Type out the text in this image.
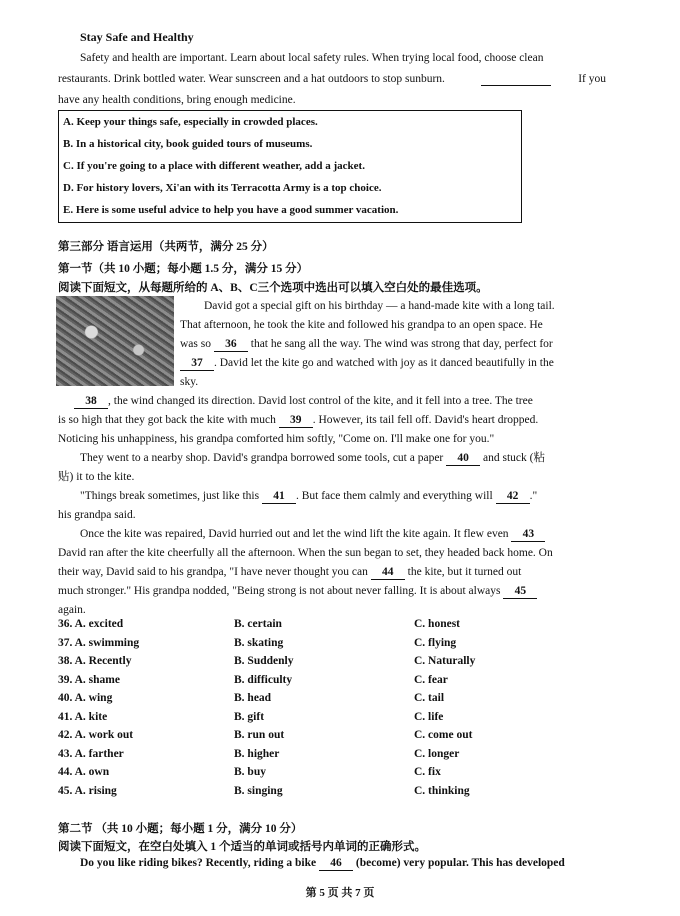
Stay Safe and Healthy
Safety and health are important. Learn about local safety rules. When trying local food, choose clean
restaurants. Drink bottled water. Wear sunscreen and a hat outdoors to stop sunburn.	If you
have any health conditions, bring enough medicine.
A. Keep your things safe, especially in crowded places.
B. In a historical city, book guided tours of museums.
C. If you're going to a place with different weather, add a jacket.
D. For history lovers, Xi'an with its Terracotta Army is a top choice.
E. Here is some useful advice to help you have a good summer vacation.
第三部分 语言运用（共两节，满分 25 分）
第一节（共 10 小题；每小题 1.5 分，满分 15 分）
阅读下面短文，从每题所给的 A、B、C三个选项中选出可以填入空白处的最佳选项。
David got a special gift on his birthday — a hand-made kite with a long tail.
That afternoon, he took the kite and followed his grandpa to an open space. He
was so 36 that he sang all the way. The wind was strong that day, perfect for
37 . David let the kite go and watched with joy as it danced beautifully in the
sky.
38 , the wind changed its direction. David lost control of the kite, and it fell into a tree. The tree
is so high that they got back the kite with much 39 . However, its tail fell off. David's heart dropped.
Noticing his unhappiness, his grandpa comforted him softly, "Come on. I'll make one for you."
They went to a nearby shop. David's grandpa borrowed some tools, cut a paper 40 and stuck (粘
贴) it to the kite.
"Things break sometimes, just like this 41 . But face them calmly and everything will 42 ."
his grandpa said.
Once the kite was repaired, David hurried out and let the wind lift the kite again. It flew even 43
David ran after the kite cheerfully all the afternoon. When the sun began to set, they headed back home. On
their way, David said to his grandpa, "I have never thought you can 44 the kite, but it turned out
much stronger." His grandpa nodded, "Being strong is not about never falling. It is about always 45
again.
36. A. excited	B. certain	C. honest
37. A. swimming	B. skating	C. flying
38. A. Recently	B. Suddenly	C. Naturally
39. A. shame	B. difficulty	C. fear
40. A. wing	B. head	C. tail
41. A. kite	B. gift	C. life
42. A. work out	B. run out	C. come out
43. A. farther	B. higher	C. longer
44. A. own	B. buy	C. fix
45. A. rising	B. singing	C. thinking
第二节 （共 10 小题；每小题 1 分，满分 10 分）
阅读下面短文，在空白处填入 1 个适当的单词或括号内单词的正确形式。
Do you like riding bikes? Recently, riding a bike 46 (become) very popular. This has developed
第 5 页 共 7 页
